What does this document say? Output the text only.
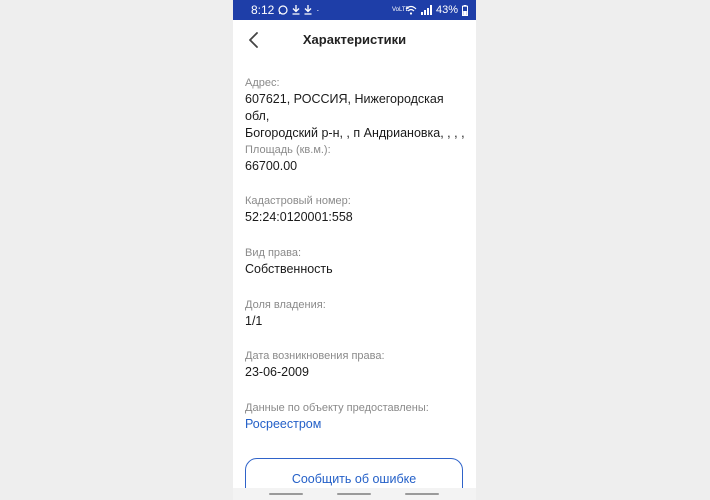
8:12	·	VoLTE 43%
Характеристики
Адрес:
607621, РОССИЯ, Нижегородская обл,
Богородский р-н, , п Андриановка, , , ,
Площадь (кв.м.):
66700.00
Кадастровый номер:
52:24:0120001:558
Вид права:
Собственность
Доля владения:
1/1
Дата возникновения права:
23-06-2009
Данные по объекту предоставлены:
Росреестром
Сообщить об ошибке
